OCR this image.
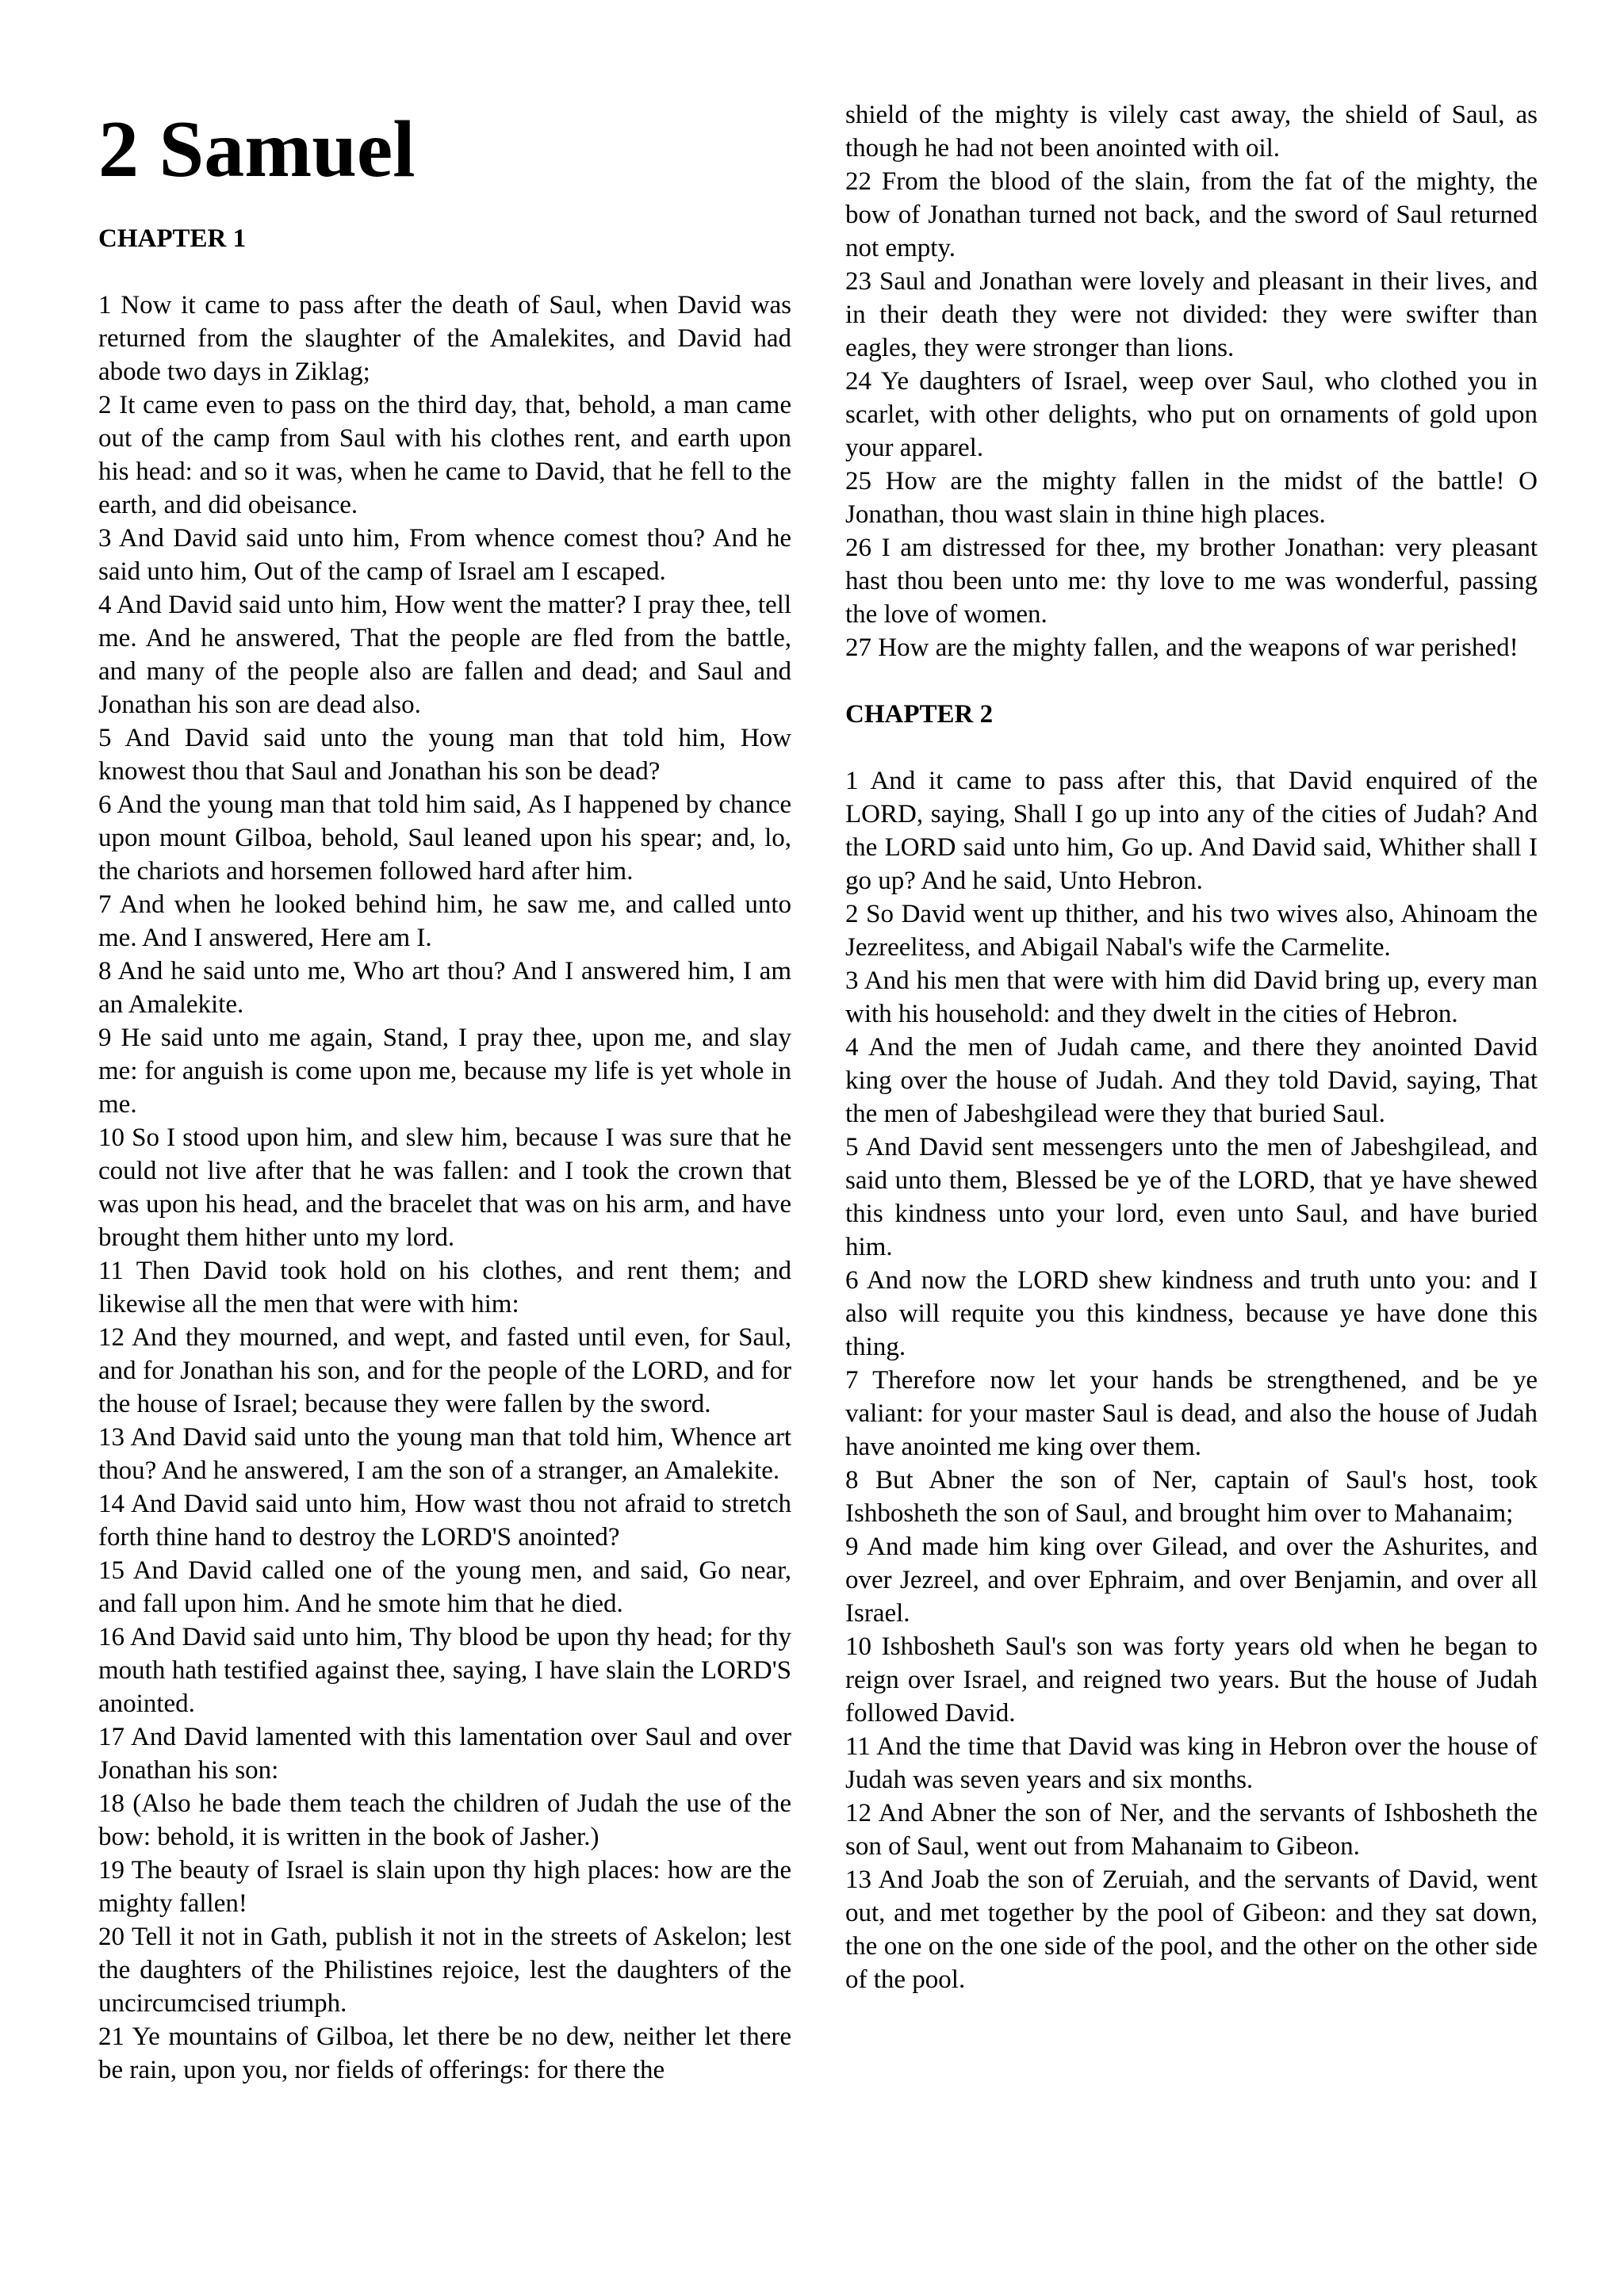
2 Samuel
CHAPTER 1

1 Now it came to pass after the death of Saul, when David was returned from the slaughter of the Amalekites, and David had abode two days in Ziklag;

2 It came even to pass on the third day, that, behold, a man came out of the camp from Saul with his clothes rent, and earth upon his head: and so it was, when he came to David, that he fell to the earth, and did obeisance.

3 And David said unto him, From whence comest thou? And he said unto him, Out of the camp of Israel am I escaped.

4 And David said unto him, How went the matter? I pray thee, tell me. And he answered, That the people are fled from the battle, and many of the people also are fallen and dead; and Saul and Jonathan his son are dead also.

5 And David said unto the young man that told him, How knowest thou that Saul and Jonathan his son be dead?

6 And the young man that told him said, As I happened by chance upon mount Gilboa, behold, Saul leaned upon his spear; and, lo, the chariots and horsemen followed hard after him.

7 And when he looked behind him, he saw me, and called unto me. And I answered, Here am I.

8 And he said unto me, Who art thou? And I answered him, I am an Amalekite.

9 He said unto me again, Stand, I pray thee, upon me, and slay me: for anguish is come upon me, because my life is yet whole in me.

10 So I stood upon him, and slew him, because I was sure that he could not live after that he was fallen: and I took the crown that was upon his head, and the bracelet that was on his arm, and have brought them hither unto my lord.

11 Then David took hold on his clothes, and rent them; and likewise all the men that were with him:

12 And they mourned, and wept, and fasted until even, for Saul, and for Jonathan his son, and for the people of the LORD, and for the house of Israel; because they were fallen by the sword.

13 And David said unto the young man that told him, Whence art thou? And he answered, I am the son of a stranger, an Amalekite.

14 And David said unto him, How wast thou not afraid to stretch forth thine hand to destroy the LORD'S anointed?

15 And David called one of the young men, and said, Go near, and fall upon him. And he smote him that he died.

16 And David said unto him, Thy blood be upon thy head; for thy mouth hath testified against thee, saying, I have slain the LORD'S anointed.

17 And David lamented with this lamentation over Saul and over Jonathan his son:

18 (Also he bade them teach the children of Judah the use of the bow: behold, it is written in the book of Jasher.)

19 The beauty of Israel is slain upon thy high places: how are the mighty fallen!

20 Tell it not in Gath, publish it not in the streets of Askelon; lest the daughters of the Philistines rejoice, lest the daughters of the uncircumcised triumph.

21 Ye mountains of Gilboa, let there be no dew, neither let there be rain, upon you, nor fields of offerings: for there the

shield of the mighty is vilely cast away, the shield of Saul, as though he had not been anointed with oil.

22 From the blood of the slain, from the fat of the mighty, the bow of Jonathan turned not back, and the sword of Saul returned not empty.

23 Saul and Jonathan were lovely and pleasant in their lives, and in their death they were not divided: they were swifter than eagles, they were stronger than lions.

24 Ye daughters of Israel, weep over Saul, who clothed you in scarlet, with other delights, who put on ornaments of gold upon your apparel.

25 How are the mighty fallen in the midst of the battle! O Jonathan, thou wast slain in thine high places.

26 I am distressed for thee, my brother Jonathan: very pleasant hast thou been unto me: thy love to me was wonderful, passing the love of women.

27 How are the mighty fallen, and the weapons of war perished!

CHAPTER 2

1 And it came to pass after this, that David enquired of the LORD, saying, Shall I go up into any of the cities of Judah? And the LORD said unto him, Go up. And David said, Whither shall I go up? And he said, Unto Hebron.

2 So David went up thither, and his two wives also, Ahinoam the Jezreelitess, and Abigail Nabal's wife the Carmelite.

3 And his men that were with him did David bring up, every man with his household: and they dwelt in the cities of Hebron.

4 And the men of Judah came, and there they anointed David king over the house of Judah. And they told David, saying, That the men of Jabeshgilead were they that buried Saul.

5 And David sent messengers unto the men of Jabeshgilead, and said unto them, Blessed be ye of the LORD, that ye have shewed this kindness unto your lord, even unto Saul, and have buried him.

6 And now the LORD shew kindness and truth unto you: and I also will requite you this kindness, because ye have done this thing.

7 Therefore now let your hands be strengthened, and be ye valiant: for your master Saul is dead, and also the house of Judah have anointed me king over them.

8 But Abner the son of Ner, captain of Saul's host, took Ishbosheth the son of Saul, and brought him over to Mahanaim;

9 And made him king over Gilead, and over the Ashurites, and over Jezreel, and over Ephraim, and over Benjamin, and over all Israel.

10 Ishbosheth Saul's son was forty years old when he began to reign over Israel, and reigned two years. But the house of Judah followed David.

11 And the time that David was king in Hebron over the house of Judah was seven years and six months.

12 And Abner the son of Ner, and the servants of Ishbosheth the son of Saul, went out from Mahanaim to Gibeon.

13 And Joab the son of Zeruiah, and the servants of David, went out, and met together by the pool of Gibeon: and they sat down, the one on the one side of the pool, and the other on the other side of the pool.
